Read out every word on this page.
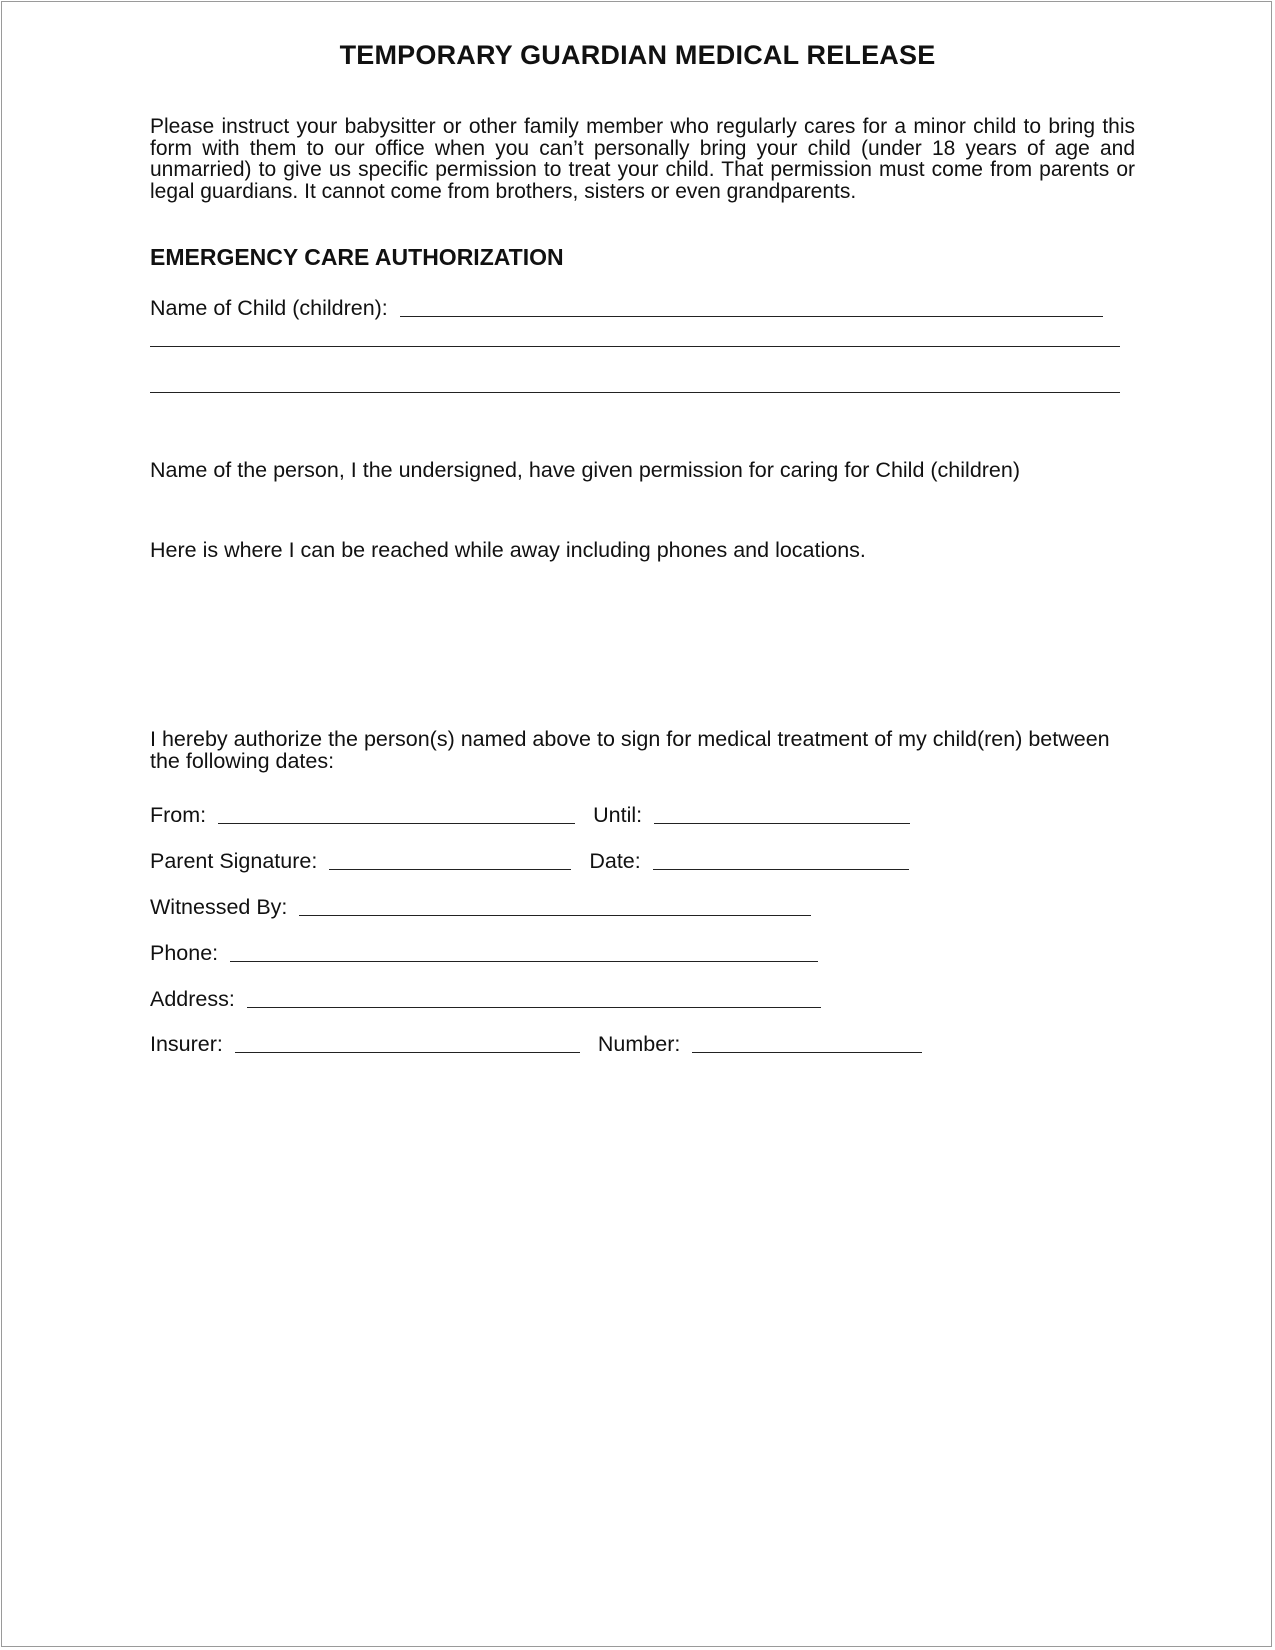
TEMPORARY GUARDIAN MEDICAL RELEASE
Please instruct your babysitter or other family member who regularly cares for a minor child to bring this form with them to our office when you can’t personally bring your child (under 18 years of age and unmarried) to give us specific permission to treat your child. That permission must come from parents or legal guardians. It cannot come from brothers, sisters or even grandparents.
EMERGENCY CARE AUTHORIZATION
Name of Child (children):
Name of the person, I the undersigned, have given permission for caring for Child (children)
Here is where I can be reached while away including phones and locations.
I hereby authorize the person(s) named above to sign for medical treatment of my child(ren) between the following dates:
From:	Until:
Parent Signature:	Date:
Witnessed By:
Phone:
Address:
Insurer:	Number:
